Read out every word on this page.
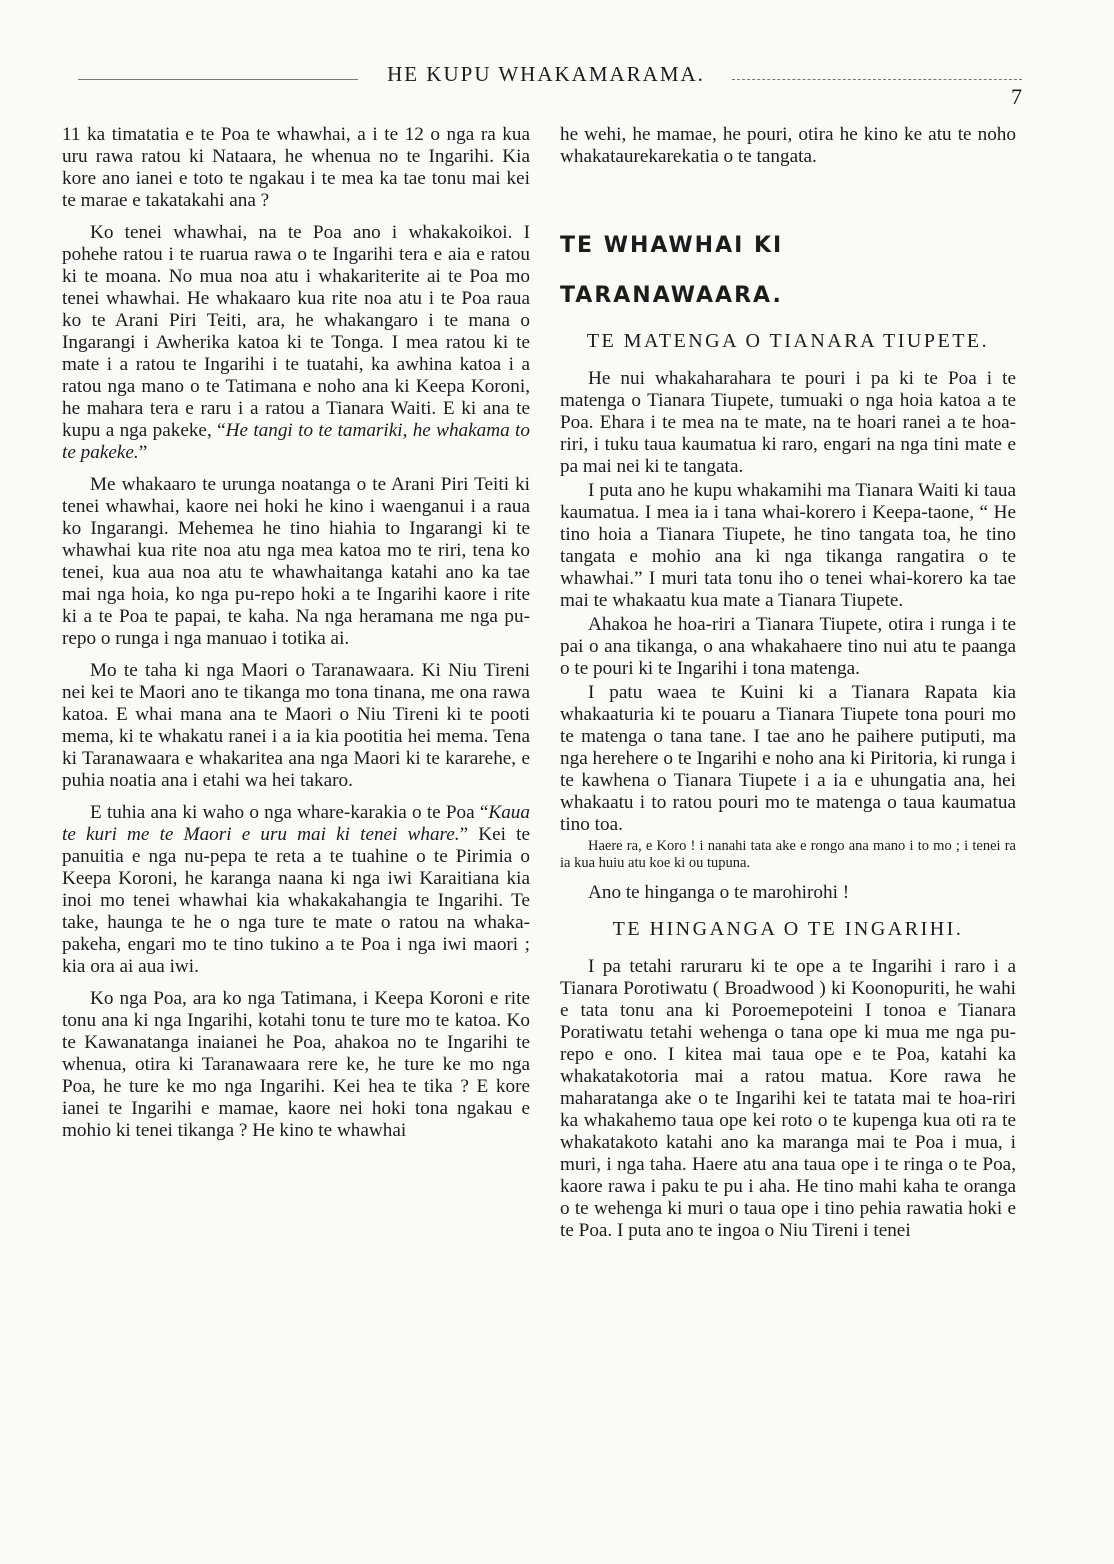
HE KUPU WHAKAMARAMA.
7

11 ka timatatia e te Poa te whawhai, a i te 12 o nga ra kua uru rawa ratou ki Nataara, he whenua no te Ingarihi. Kia kore ano ianei e toto te ngakau i te mea ka tae tonu mai kei te marae e takatakahi ana ?

Ko tenei whawhai, na te Poa ano i whakakoikoi. I pohehe ratou i te ruarua rawa o te Ingarihi tera e aia e ratou ki te moana. No mua noa atu i whakariterite ai te Poa mo tenei whawhai. He whakaaro kua rite noa atu i te Poa raua ko te Arani Piri Teiti, ara, he whakangaro i te mana o Ingarangi i Awherika katoa ki te Tonga. I mea ratou ki te mate i a ratou te Ingarihi i te tuatahi, ka awhina katoa i a ratou nga mano o te Tatimana e noho ana ki Keepa Koroni, he mahara tera e raru i a ratou a Tianara Waiti. E ki ana te kupu a nga pakeke, “He tangi to te tamariki, he whakama to te pakeke.”

Me whakaaro te urunga noatanga o te Arani Piri Teiti ki tenei whawhai, kaore nei hoki he kino i waenganui i a raua ko Ingarangi. Mehemea he tino hiahia to Ingarangi ki te whawhai kua rite noa atu nga mea katoa mo te riri, tena ko tenei, kua aua noa atu te whawhaitanga katahi ano ka tae mai nga hoia, ko nga pu-repo hoki a te Ingarihi kaore i rite ki a te Poa te papai, te kaha. Na nga heramana me nga pu-repo o runga i nga manuao i totika ai.

Mo te taha ki nga Maori o Taranawaara. Ki Niu Tireni nei kei te Maori ano te tikanga mo tona tinana, me ona rawa katoa. E whai mana ana te Maori o Niu Tireni ki te pooti mema, ki te whakatu ranei i a ia kia pootitia hei mema. Tena ki Taranawaara e whakaritea ana nga Maori ki te kararehe, e puhia noatia ana i etahi wa hei takaro.

E tuhia ana ki waho o nga whare-karakia o te Poa “Kaua te kuri me te Maori e uru mai ki tenei whare.” Kei te panuitia e nga nu-pepa te reta a te tuahine o te Pirimia o Keepa Koroni, he karanga naana ki nga iwi Karaitiana kia inoi mo tenei whawhai kia whakakahangia te Ingarihi. Te take, haunga te he o nga ture te mate o ratou na whaka-pakeha, engari mo te tino tukino a te Poa i nga iwi maori ; kia ora ai aua iwi.

Ko nga Poa, ara ko nga Tatimana, i Keepa Koroni e rite tonu ana ki nga Ingarihi, kotahi tonu te ture mo te katoa. Ko te Kawanatanga inaianei he Poa, ahakoa no te Ingarihi te whenua, otira ki Taranawaara rere ke, he ture ke mo nga Poa, he ture ke mo nga Ingarihi. Kei hea te tika ? E kore ianei te Ingarihi e mamae, kaore nei hoki tona ngakau e mohio ki tenei tikanga ? He kino te whawhai

he wehi, he mamae, he pouri, otira he kino ke atu te noho whakataurekarekatia o te tangata.

TE WHAWHAI KI

TARANAWAARA.

TE MATENGA O TIANARA TIUPETE.

He nui whakaharahara te pouri i pa ki te Poa i te matenga o Tianara Tiupete, tumuaki o nga hoia katoa a te Poa. Ehara i te mea na te mate, na te hoari ranei a te hoa-riri, i tuku taua kaumatua ki raro, engari na nga tini mate e pa mai nei ki te tangata.

I puta ano he kupu whakamihi ma Tianara Waiti ki taua kaumatua. I mea ia i tana whai-korero i Keepa-taone, “ He tino hoia a Tianara Tiupete, he tino tangata toa, he tino tangata e mohio ana ki nga tikanga rangatira o te whawhai.” I muri tata tonu iho o tenei whai-korero ka tae mai te whakaatu kua mate a Tianara Tiupete.

Ahakoa he hoa-riri a Tianara Tiupete, otira i runga i te pai o ana tikanga, o ana whakahaere tino nui atu te paanga o te pouri ki te Ingarihi i tona matenga.

I patu waea te Kuini ki a Tianara Rapata kia whakaaturia ki te pouaru a Tianara Tiupete tona pouri mo te matenga o tana tane. I tae ano he paihere putiputi, ma nga herehere o te Ingarihi e noho ana ki Piritoria, ki runga i te kawhena o Tianara Tiupete i a ia e uhungatia ana, hei whakaatu i to ratou pouri mo te matenga o taua kaumatua tino toa.

Haere ra, e Koro ! i nanahi tata ake e rongo ana mano i to mo ; i tenei ra ia kua huiu atu koe ki ou tupuna.

Ano te hinganga o te marohirohi !

TE HINGANGA O TE INGARIHI.

I pa tetahi raruraru ki te ope a te Ingarihi i raro i a Tianara Porotiwatu ( Broadwood ) ki Koonopuriti, he wahi e tata tonu ana ki Poroemepoteini I tonoa e Tianara Poratiwatu tetahi wehenga o tana ope ki mua me nga pu-repo e ono. I kitea mai taua ope e te Poa, katahi ka whakatakotoria mai a ratou matua. Kore rawa he maharatanga ake o te Ingarihi kei te tatata mai te hoa-riri ka whakahemo taua ope kei roto o te kupenga kua oti ra te whakatakoto katahi ano ka maranga mai te Poa i mua, i muri, i nga taha. Haere atu ana taua ope i te ringa o te Poa, kaore rawa i paku te pu i aha. He tino mahi kaha te oranga o te wehenga ki muri o taua ope i tino pehia rawatia hoki e te Poa. I puta ano te ingoa o Niu Tireni i tenei
